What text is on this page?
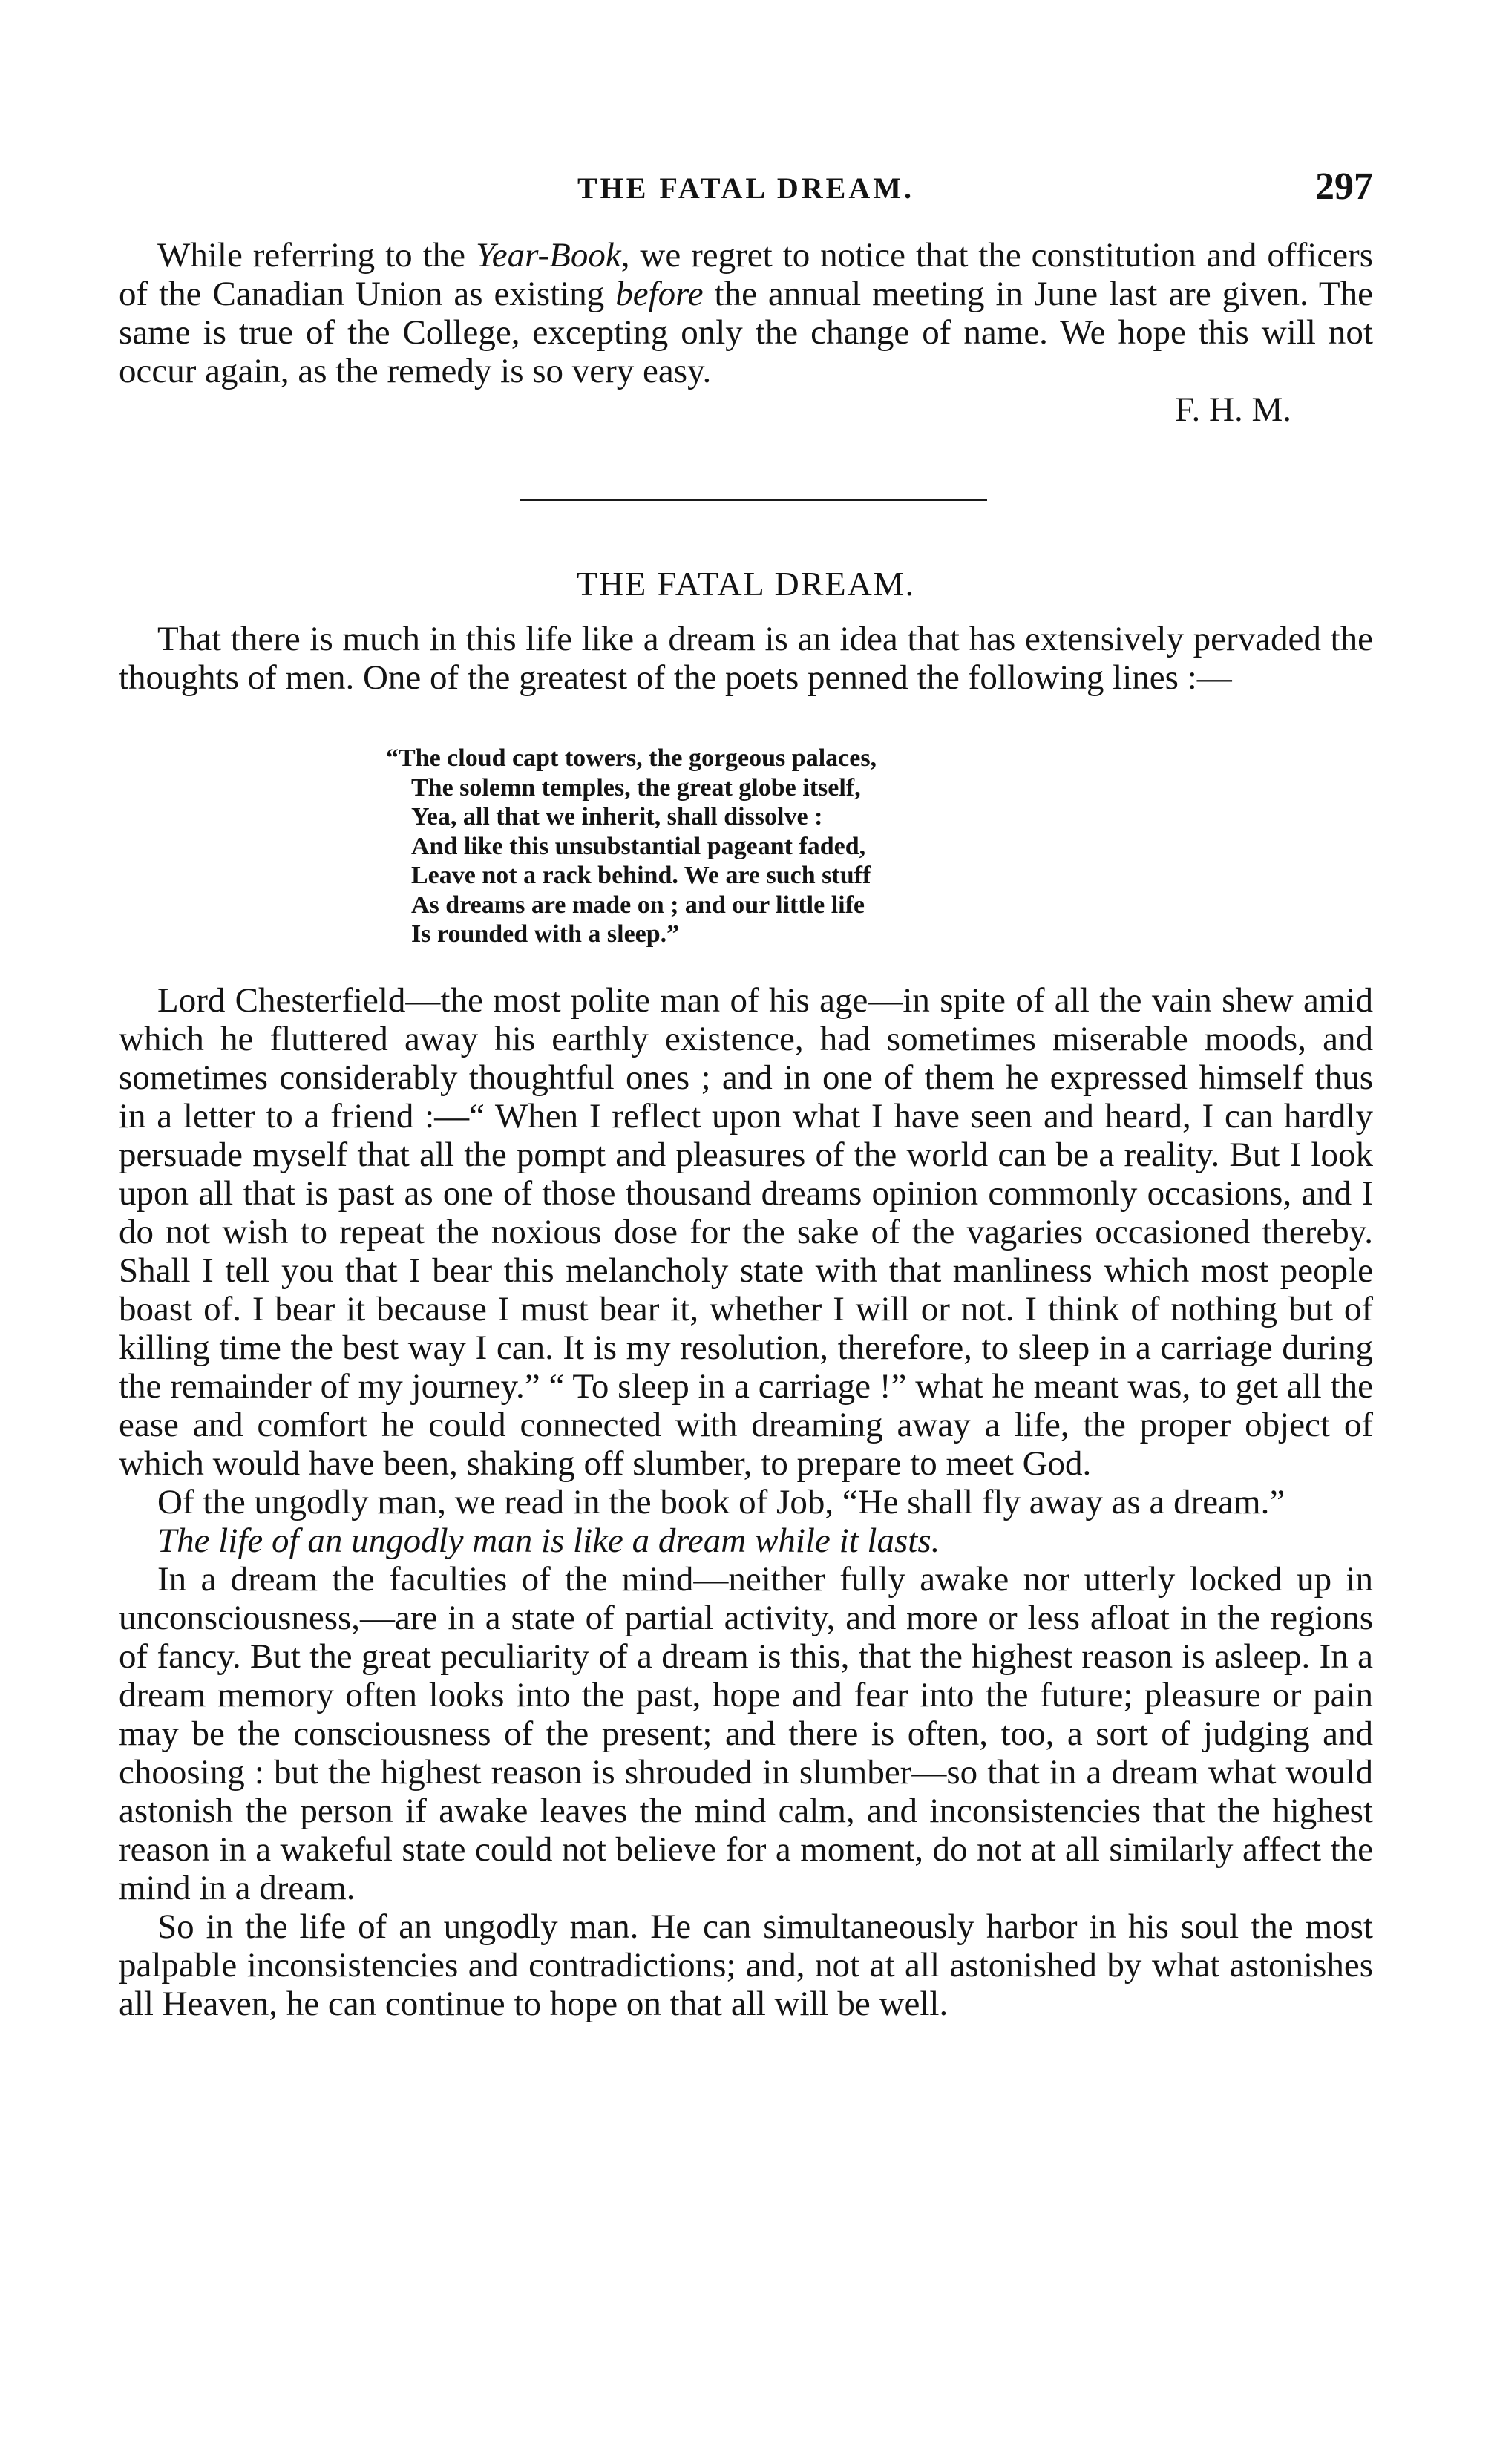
THE FATAL DREAM.	297

While referring to the Year-Book, we regret to notice that the constitution and officers of the Canadian Union as existing before the annual meeting in June last are given. The same is true of the College, excepting only the change of name. We hope this will not occur again, as the remedy is so very easy.

F. H. M.
THE FATAL DREAM.

That there is much in this life like a dream is an idea that has extensively pervaded the thoughts of men. One of the greatest of the poets penned the following lines :—

“The cloud capt towers, the gorgeous palaces,
The solemn temples, the great globe itself,
Yea, all that we inherit, shall dissolve :
And like this unsubstantial pageant faded,
Leave not a rack behind. We are such stuff
As dreams are made on ; and our little life
Is rounded with a sleep.”

Lord Chesterfield—the most polite man of his age—in spite of all the vain shew amid which he fluttered away his earthly existence, had sometimes miserable moods, and sometimes considerably thoughtful ones ; and in one of them he expressed himself thus in a letter to a friend :—“ When I reflect upon what I have seen and heard, I can hardly persuade myself that all the pompt and pleasures of the world can be a reality. But I look upon all that is past as one of those thousand dreams opinion commonly occasions, and I do not wish to repeat the noxious dose for the sake of the vagaries occasioned thereby. Shall I tell you that I bear this melancholy state with that manliness which most people boast of. I bear it because I must bear it, whether I will or not. I think of nothing but of killing time the best way I can. It is my resolution, therefore, to sleep in a carriage during the remainder of my journey.” “ To sleep in a carriage !” what he meant was, to get all the ease and comfort he could connected with dreaming away a life, the proper object of which would have been, shaking off slumber, to prepare to meet God.

Of the ungodly man, we read in the book of Job, “He shall fly away as a dream.”

The life of an ungodly man is like a dream while it lasts.

In a dream the faculties of the mind—neither fully awake nor utterly locked up in unconsciousness,—are in a state of partial activity, and more or less afloat in the regions of fancy. But the great peculiarity of a dream is this, that the highest reason is asleep. In a dream memory often looks into the past, hope and fear into the future; pleasure or pain may be the consciousness of the present; and there is often, too, a sort of judging and choosing : but the highest reason is shrouded in slumber—so that in a dream what would astonish the person if awake leaves the mind calm, and inconsistencies that the highest reason in a wakeful state could not believe for a moment, do not at all similarly affect the mind in a dream.

So in the life of an ungodly man. He can simultaneously harbor in his soul the most palpable inconsistencies and contradictions; and, not at all astonished by what astonishes all Heaven, he can continue to hope on that all will be well.
